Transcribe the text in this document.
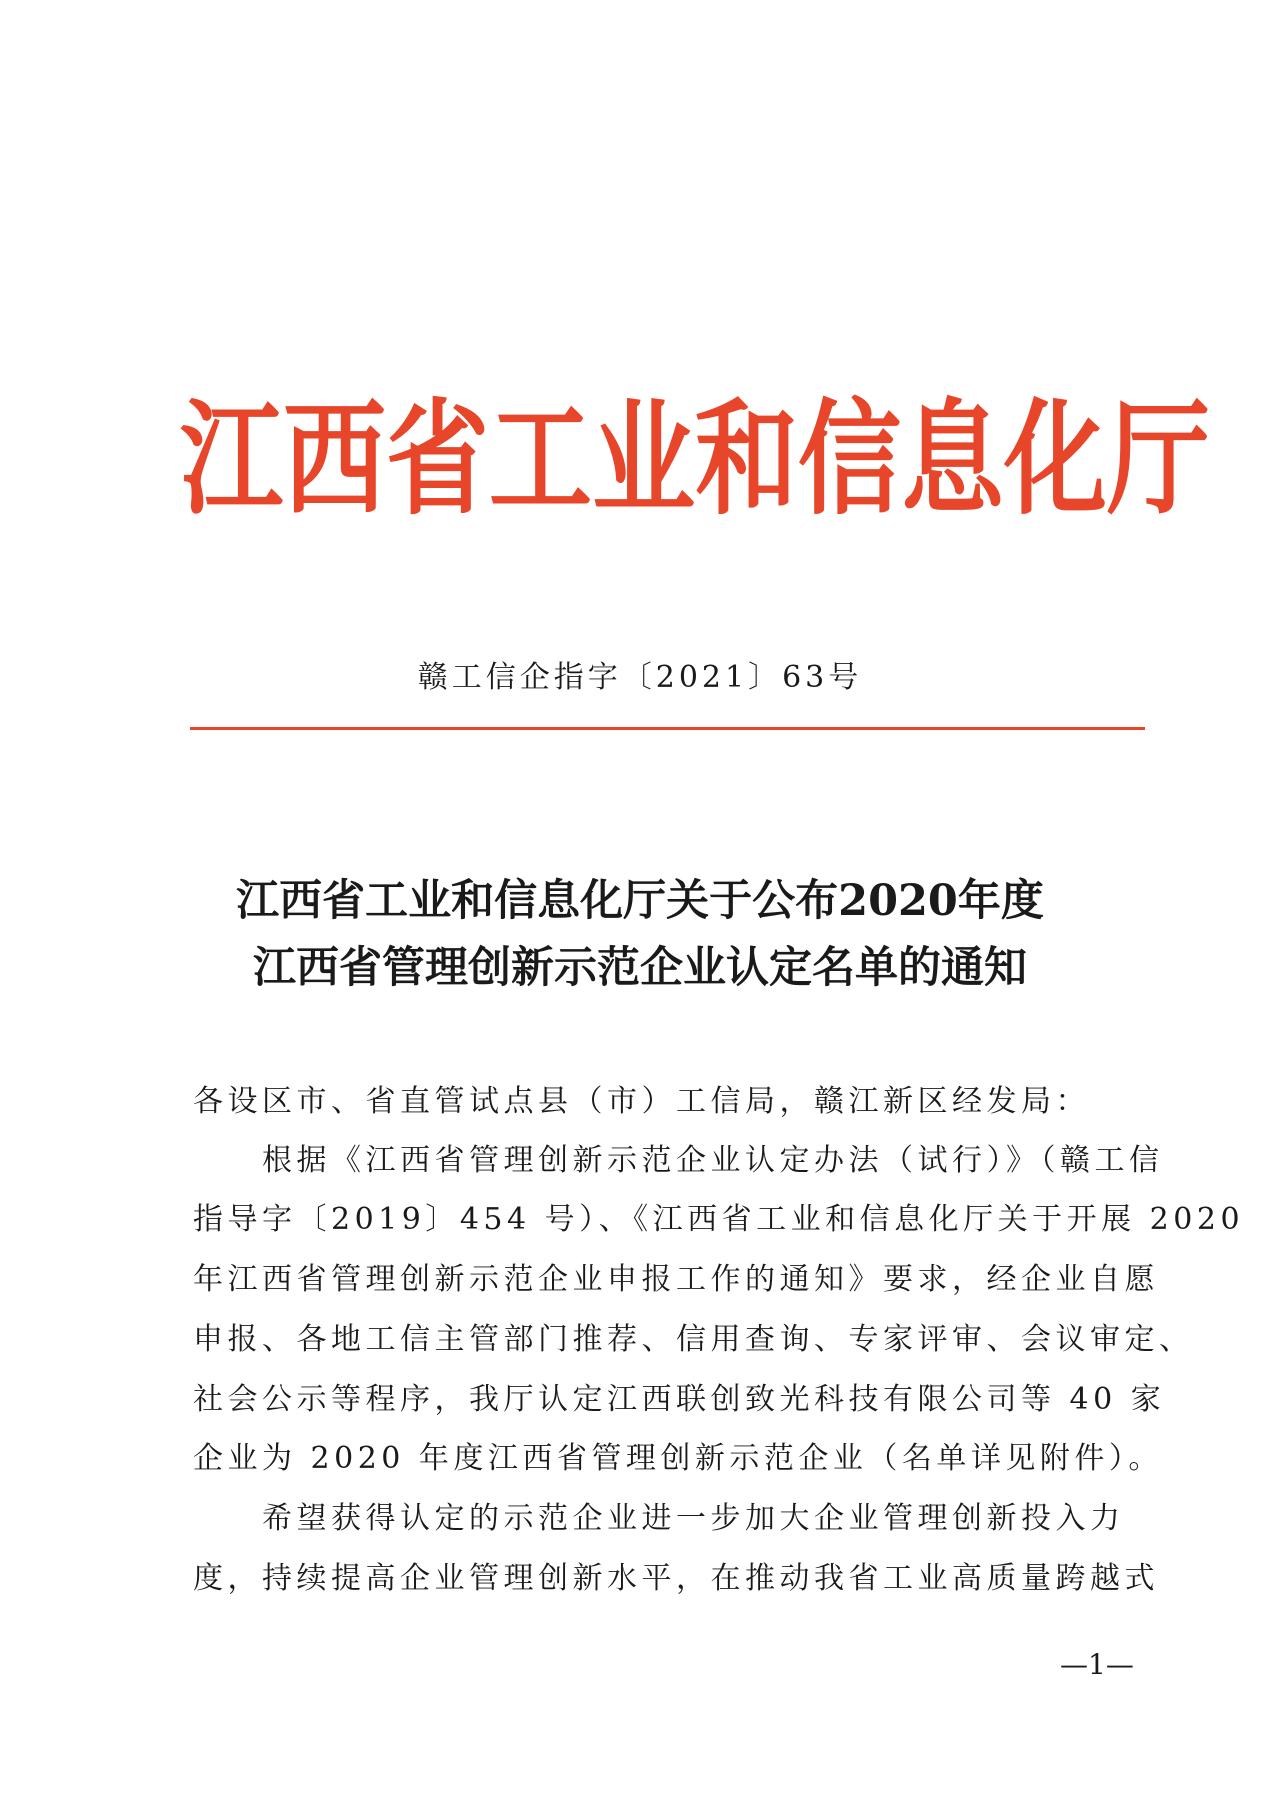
江西省工业和信息化厅
赣工信企指字〔2021〕63号
江西省工业和信息化厅关于公布2020年度
江西省管理创新示范企业认定名单的通知
各设区市、省直管试点县（市）工信局，赣江新区经发局：
　　根据《江西省管理创新示范企业认定办法（试行）》（赣工信
指导字〔2019〕454 号）、《江西省工业和信息化厅关于开展 2020
年江西省管理创新示范企业申报工作的通知》要求，经企业自愿
申报、各地工信主管部门推荐、信用查询、专家评审、会议审定、
社会公示等程序，我厅认定江西联创致光科技有限公司等 40 家
企业为 2020 年度江西省管理创新示范企业（名单详见附件）。
　　希望获得认定的示范企业进一步加大企业管理创新投入力
度，持续提高企业管理创新水平，在推动我省工业高质量跨越式
—1—
